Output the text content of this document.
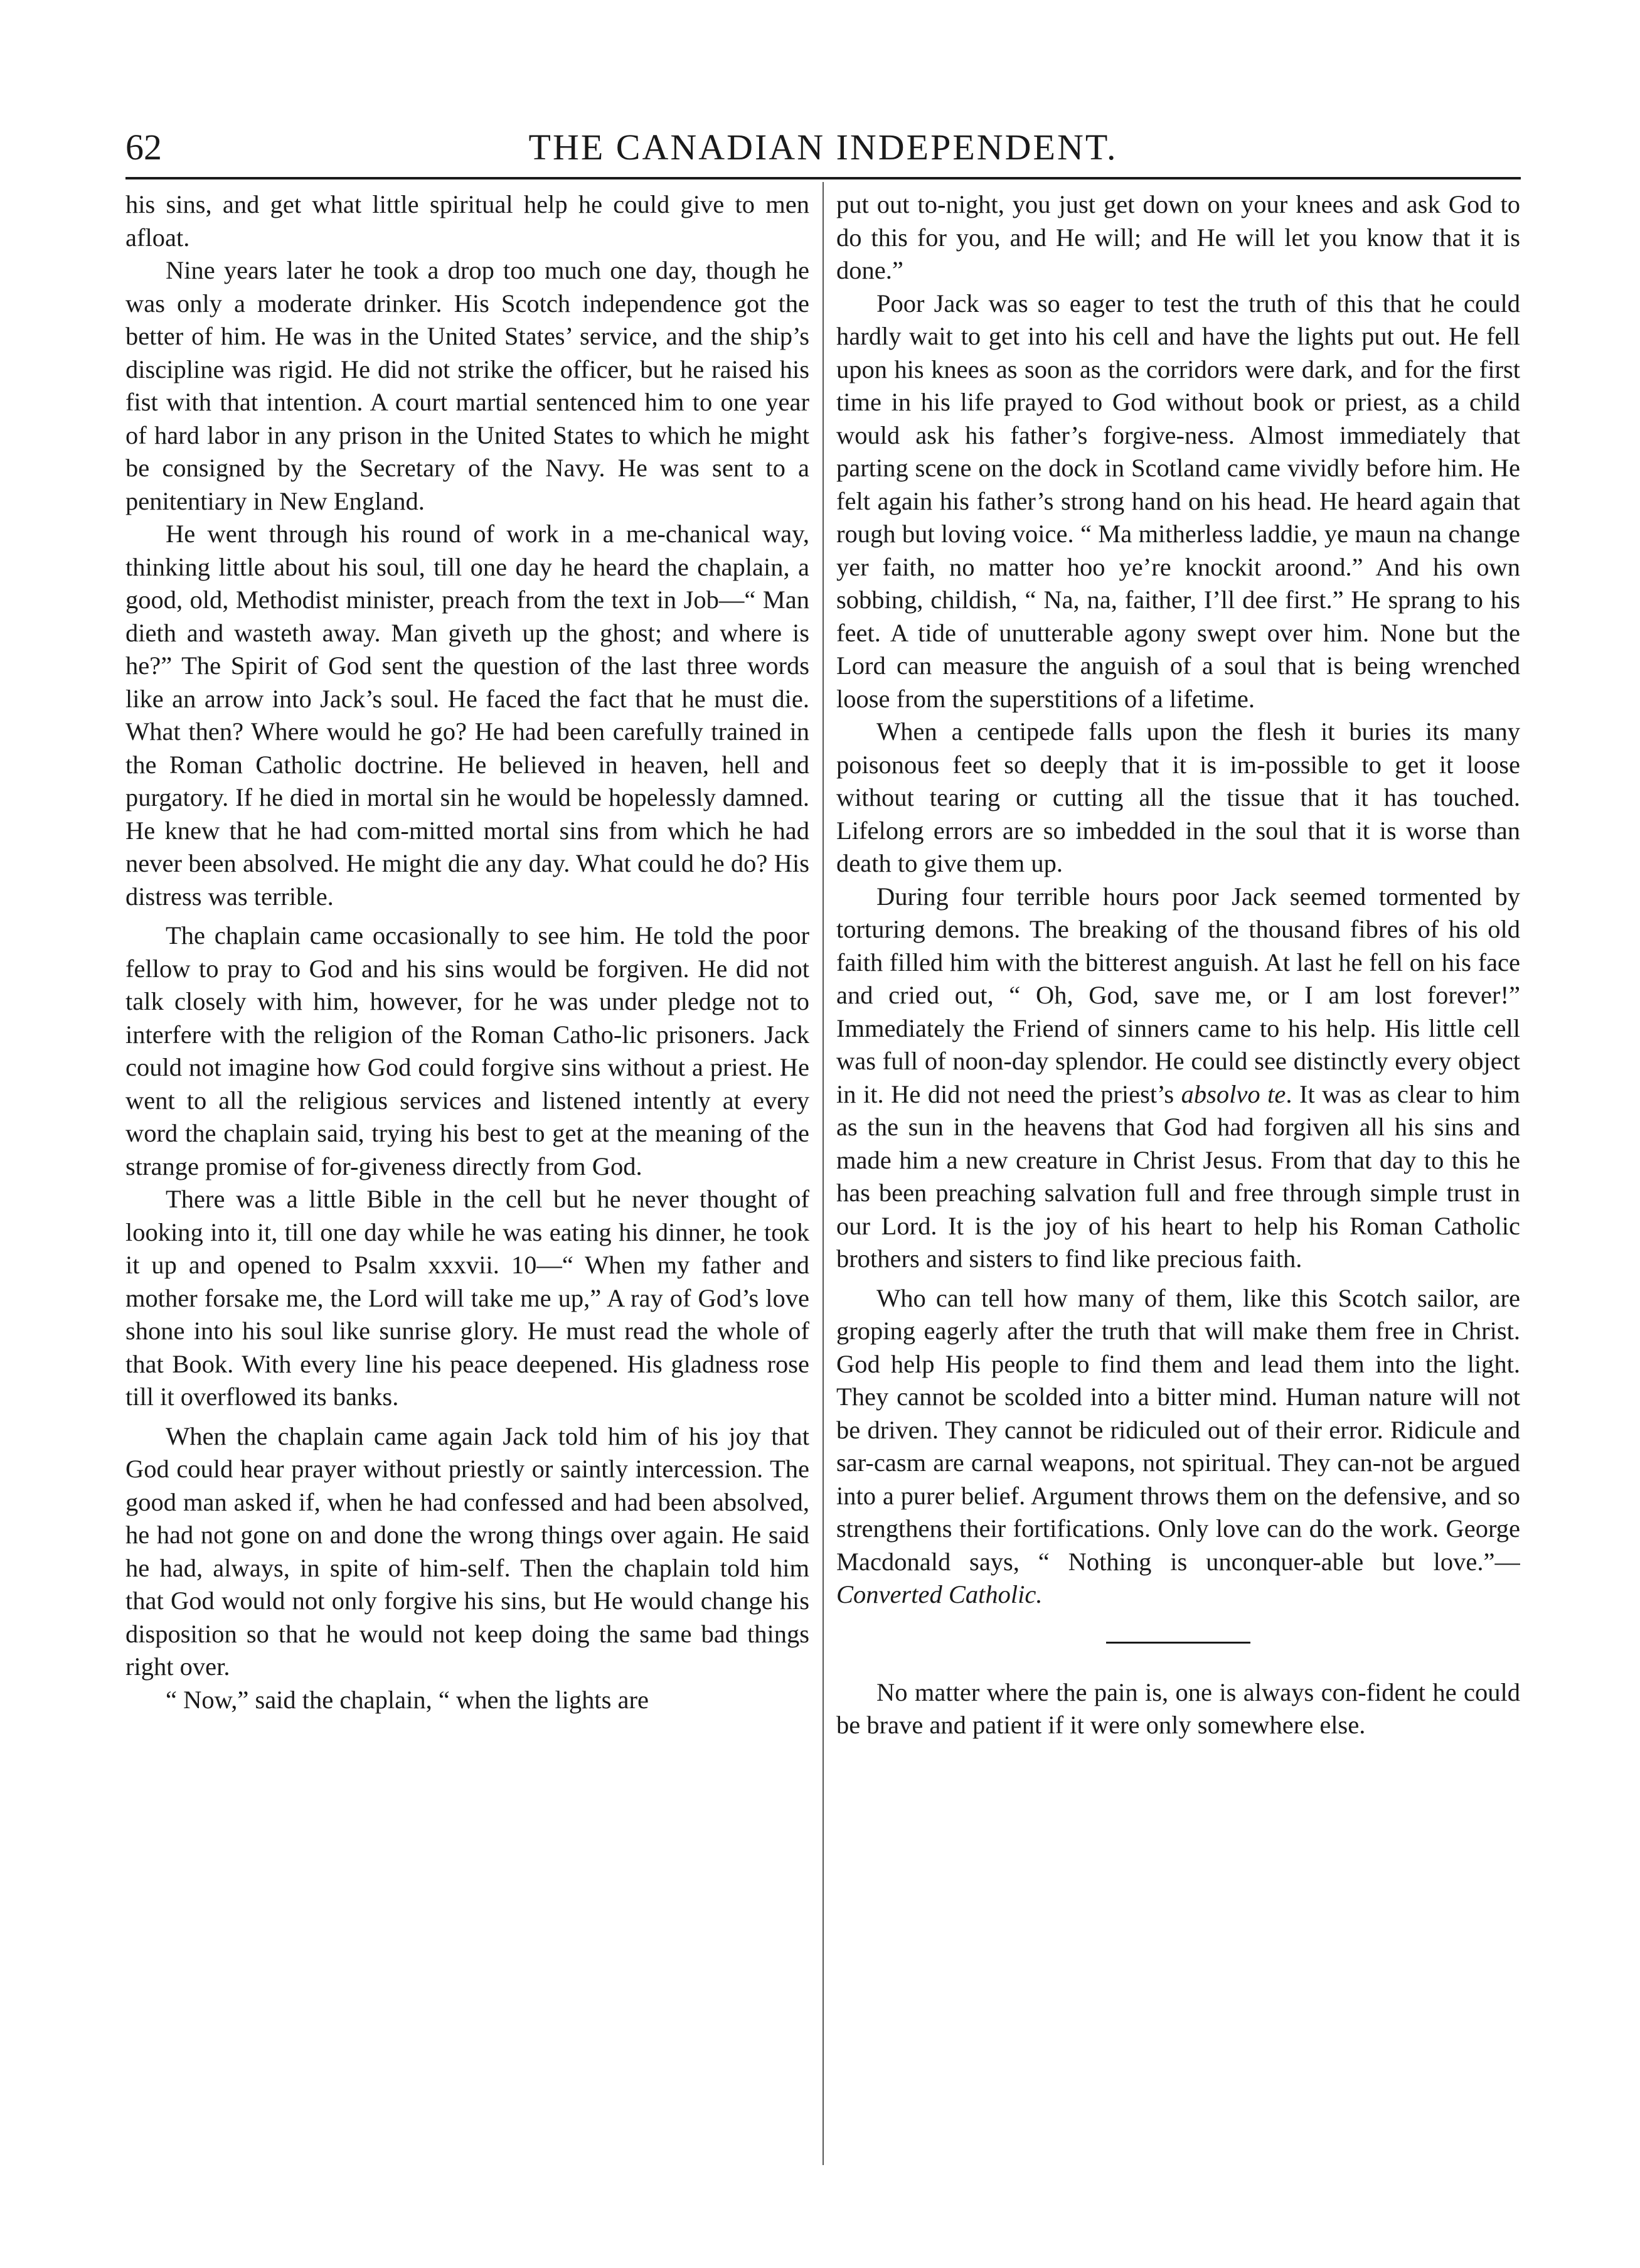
62	THE CANADIAN INDEPENDENT.

his sins, and get what little spiritual help he could give to men afloat.

Nine years later he took a drop too much one day, though he was only a moderate drinker. His Scotch independence got the better of him. He was in the United States’ service, and the ship’s discipline was rigid. He did not strike the officer, but he raised his fist with that intention. A court martial sentenced him to one year of hard labor in any prison in the United States to which he might be consigned by the Secretary of the Navy. He was sent to a penitentiary in New England.

He went through his round of work in a me-chanical way, thinking little about his soul, till one day he heard the chaplain, a good, old, Methodist minister, preach from the text in Job—“ Man dieth and wasteth away. Man giveth up the ghost; and where is he?” The Spirit of God sent the question of the last three words like an arrow into Jack’s soul. He faced the fact that he must die. What then? Where would he go? He had been carefully trained in the Roman Catholic doctrine. He believed in heaven, hell and purgatory. If he died in mortal sin he would be hopelessly damned. He knew that he had com-mitted mortal sins from which he had never been absolved. He might die any day. What could he do? His distress was terrible.

The chaplain came occasionally to see him. He told the poor fellow to pray to God and his sins would be forgiven. He did not talk closely with him, however, for he was under pledge not to interfere with the religion of the Roman Catho-lic prisoners. Jack could not imagine how God could forgive sins without a priest. He went to all the religious services and listened intently at every word the chaplain said, trying his best to get at the meaning of the strange promise of for-giveness directly from God.

There was a little Bible in the cell but he never thought of looking into it, till one day while he was eating his dinner, he took it up and opened to Psalm xxxvii. 10—“ When my father and mother forsake me, the Lord will take me up,” A ray of God’s love shone into his soul like sunrise glory. He must read the whole of that Book. With every line his peace deepened. His gladness rose till it overflowed its banks.

When the chaplain came again Jack told him of his joy that God could hear prayer without priestly or saintly intercession. The good man asked if, when he had confessed and had been absolved, he had not gone on and done the wrong things over again. He said he had, always, in spite of him-self. Then the chaplain told him that God would not only forgive his sins, but He would change his disposition so that he would not keep doing the same bad things right over.

“ Now,” said the chaplain, “ when the lights are

put out to-night, you just get down on your knees and ask God to do this for you, and He will; and He will let you know that it is done.”

Poor Jack was so eager to test the truth of this that he could hardly wait to get into his cell and have the lights put out. He fell upon his knees as soon as the corridors were dark, and for the first time in his life prayed to God without book or priest, as a child would ask his father’s forgive-ness. Almost immediately that parting scene on the dock in Scotland came vividly before him. He felt again his father’s strong hand on his head. He heard again that rough but loving voice. “ Ma mitherless laddie, ye maun na change yer faith, no matter hoo ye’re knockit aroond.” And his own sobbing, childish, “ Na, na, faither, I’ll dee first.” He sprang to his feet. A tide of unutterable agony swept over him. None but the Lord can measure the anguish of a soul that is being wrenched loose from the superstitions of a lifetime.

When a centipede falls upon the flesh it buries its many poisonous feet so deeply that it is im-possible to get it loose without tearing or cutting all the tissue that it has touched. Lifelong errors are so imbedded in the soul that it is worse than death to give them up.

During four terrible hours poor Jack seemed tormented by torturing demons. The breaking of the thousand fibres of his old faith filled him with the bitterest anguish. At last he fell on his face and cried out, “ Oh, God, save me, or I am lost forever!” Immediately the Friend of sinners came to his help. His little cell was full of noon-day splendor. He could see distinctly every object in it. He did not need the priest’s absolvo te. It was as clear to him as the sun in the heavens that God had forgiven all his sins and made him a new creature in Christ Jesus. From that day to this he has been preaching salvation full and free through simple trust in our Lord. It is the joy of his heart to help his Roman Catholic brothers and sisters to find like precious faith.

Who can tell how many of them, like this Scotch sailor, are groping eagerly after the truth that will make them free in Christ. God help His people to find them and lead them into the light. They cannot be scolded into a bitter mind. Human nature will not be driven. They cannot be ridiculed out of their error. Ridicule and sar-casm are carnal weapons, not spiritual. They can-not be argued into a purer belief. Argument throws them on the defensive, and so strengthens their fortifications. Only love can do the work. George Macdonald says, “ Nothing is unconquer-able but love.”—Converted Catholic.

No matter where the pain is, one is always con-fident he could be brave and patient if it were only somewhere else.
